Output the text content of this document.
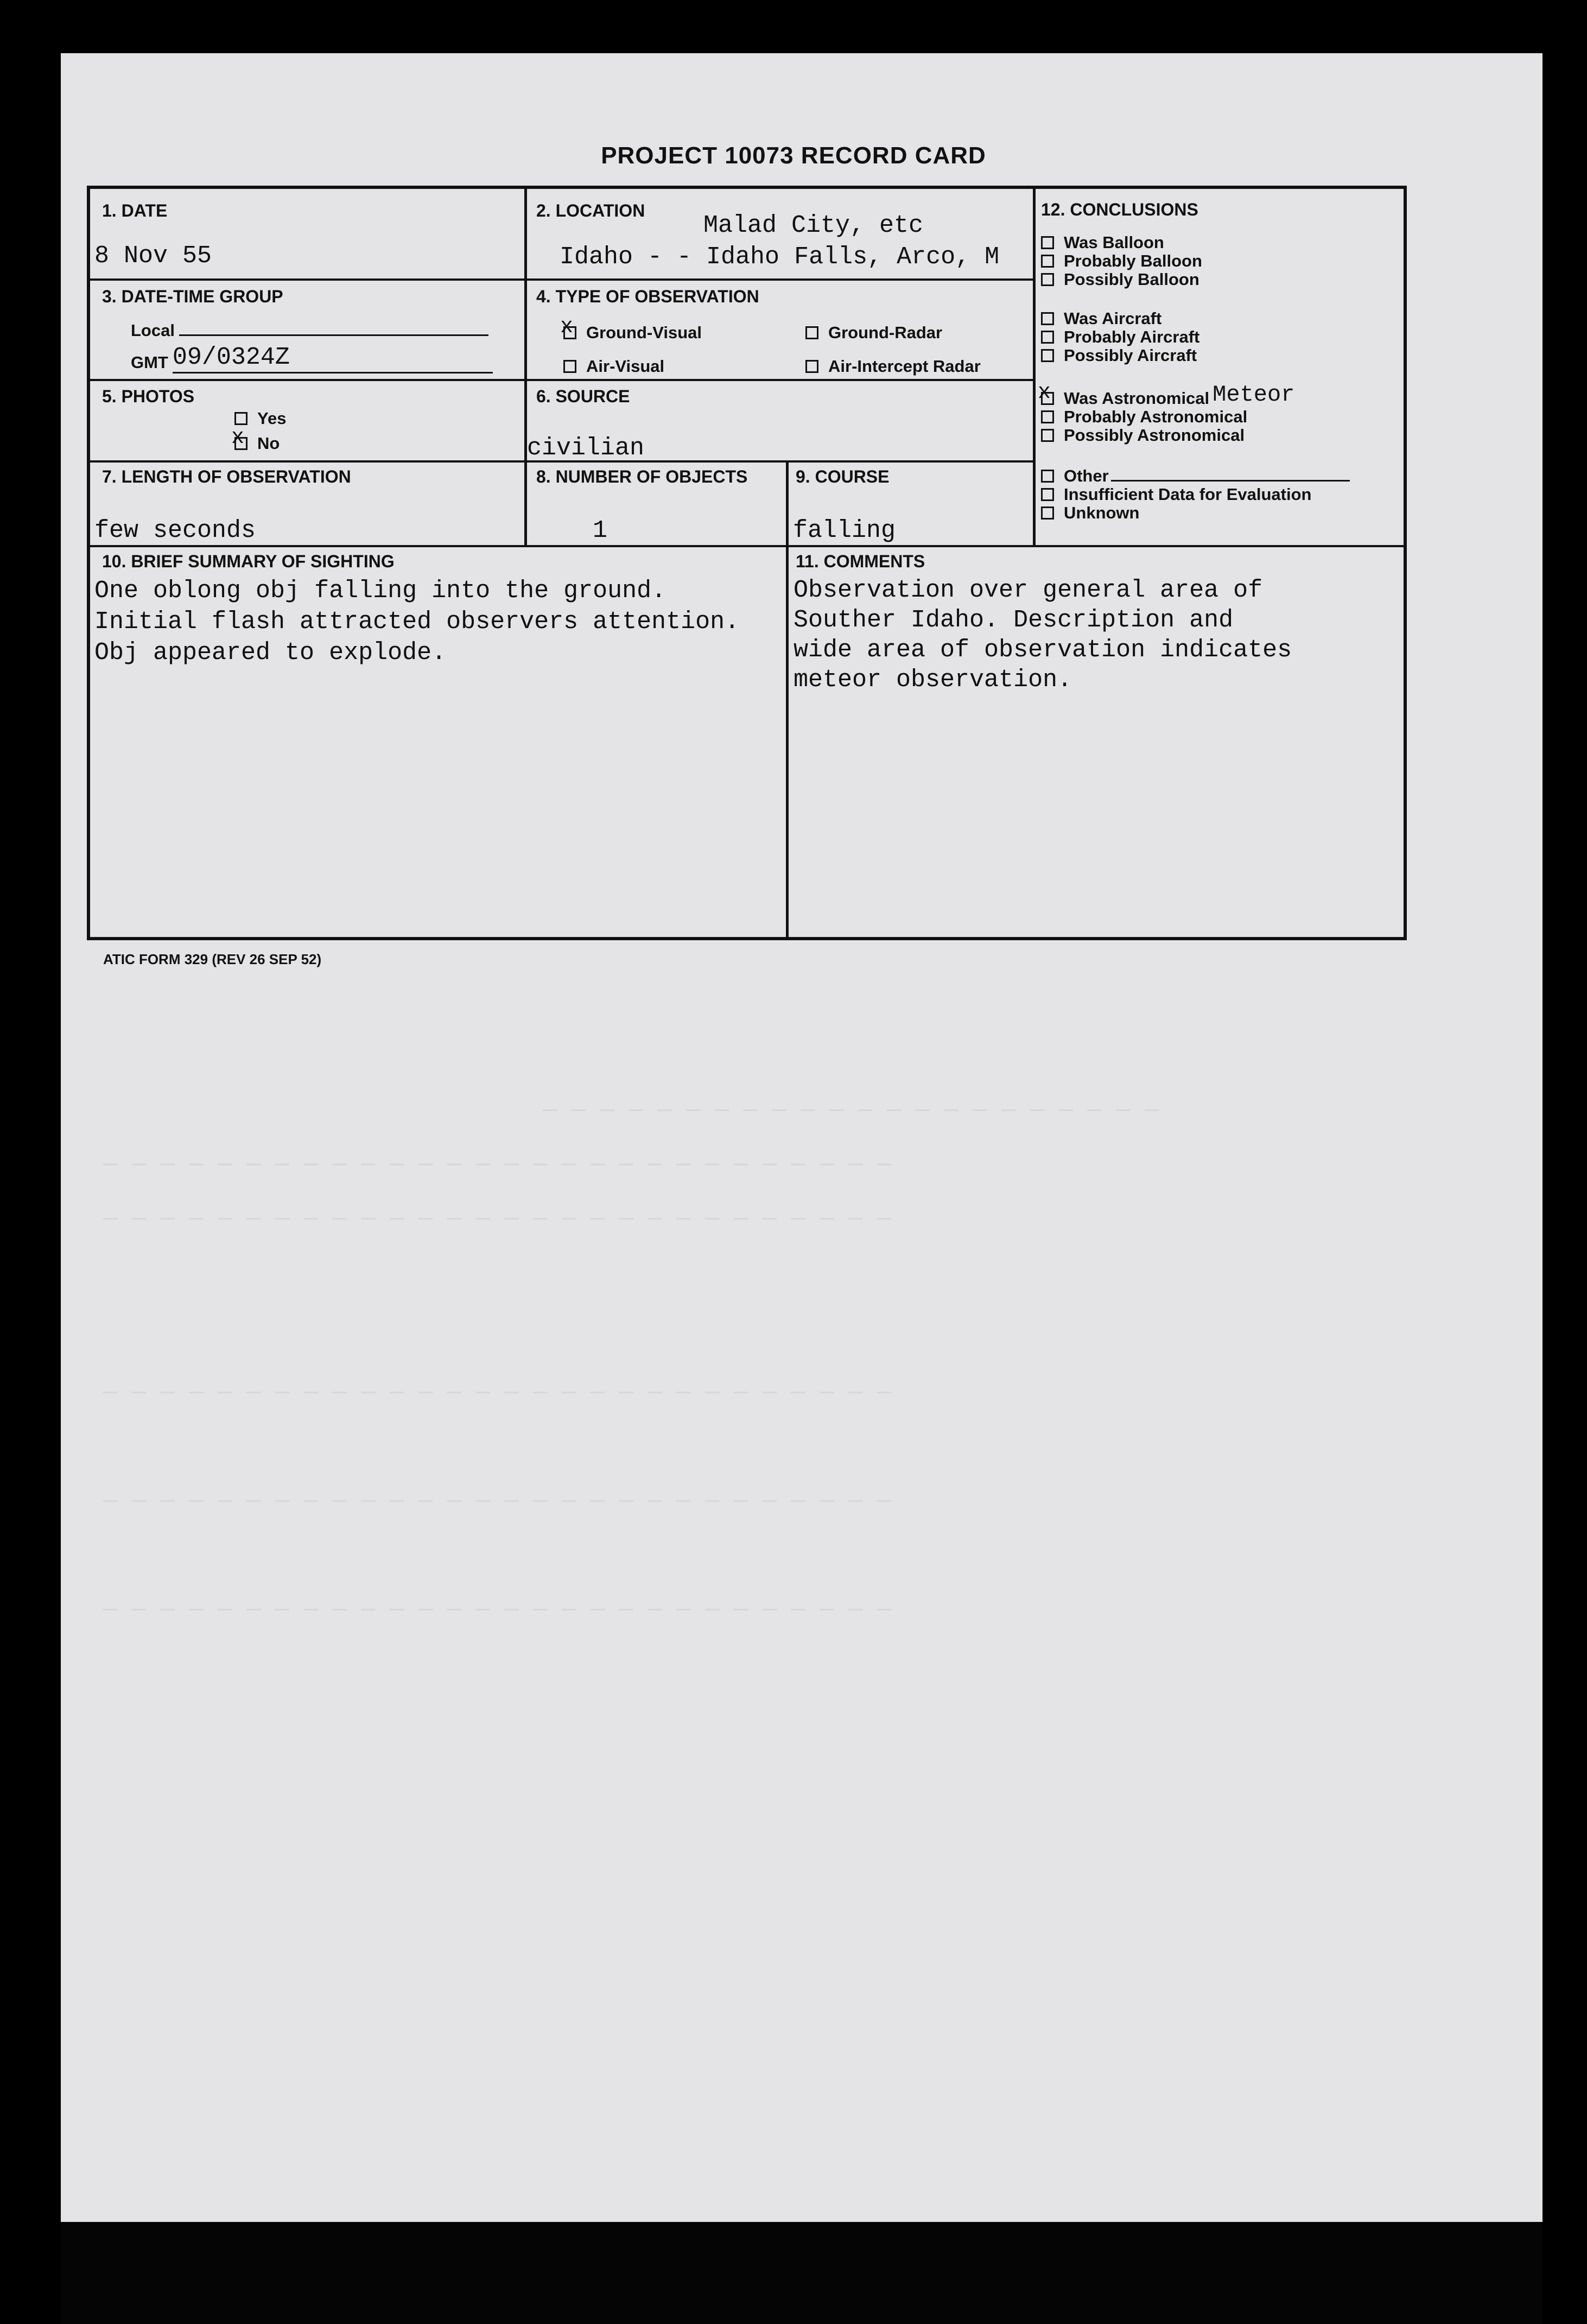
— — — — — — — — — — — — — — — — — — — — — —
— — — — — — — — — — — — — — — — — — — — — — — — — — — —
— — — — — — — — — — — — — — — — — — — — — — — — — — — —
— — — — — — — — — — — — — — — — — — — — — — — — — — — —
— — — — — — — — — — — — — — — — — — — — — — — — — — — —
— — — — — — — — — — — — — — — — — — — — — — — — — — — —
PROJECT 10073 RECORD CARD
1. DATE
8 Nov 55
2. LOCATION
Malad City, etc
Idaho - - Idaho Falls, Arco, M
3. DATE-TIME GROUP
Local
GMT 09/0324Z
4. TYPE OF OBSERVATION
xGround-Visual	Ground-Radar
Air-Visual	Air-Intercept Radar
5. PHOTOS
Yes
xNo
6. SOURCE
civilian
7. LENGTH OF OBSERVATION
few seconds
8. NUMBER OF OBJECTS
1
9. COURSE
falling
12. CONCLUSIONS
Was Balloon
Probably Balloon
Possibly Balloon
Was Aircraft
Probably Aircraft
Possibly Aircraft
xWas Astronomical Meteor
Probably Astronomical
Possibly Astronomical
Other
Insufficient Data for Evaluation
Unknown
10. BRIEF SUMMARY OF SIGHTING
One oblong obj falling into the ground.
Initial flash attracted observers attention.
Obj appeared to explode.
11. COMMENTS
Observation over general area of
Souther Idaho. Description and
wide area of observation indicates
meteor observation.
ATIC FORM 329 (REV 26 SEP 52)
